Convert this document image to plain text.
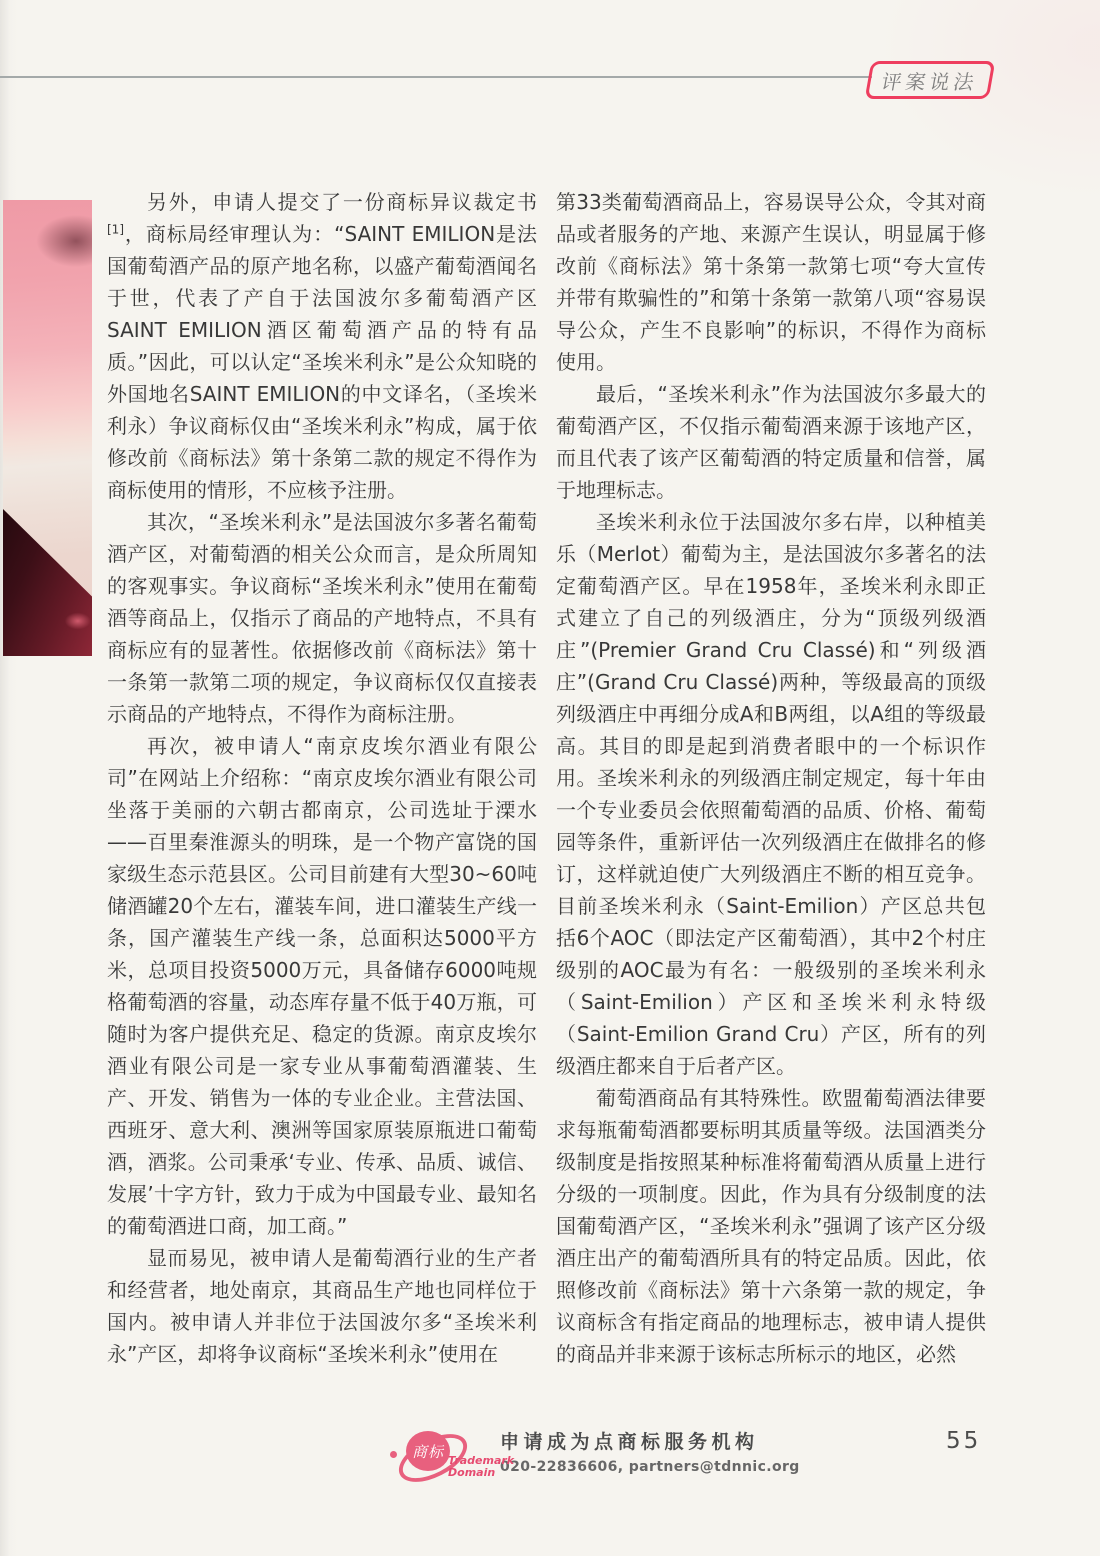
评案说法

另外，申请人提交了一份商标异议裁定书[1]，商标局经审理认为：“SAINT EMILION是法国葡萄酒产品的原产地名称，以盛产葡萄酒闻名于世，代表了产自于法国波尔多葡萄酒产区SAINT EMILION酒区葡萄酒产品的特有品质。”因此，可以认定“圣埃米利永”是公众知晓的外国地名SAINT EMILION的中文译名，（圣埃米利永）争议商标仅由“圣埃米利永”构成，属于依修改前《商标法》第十条第二款的规定不得作为商标使用的情形，不应核予注册。

其次，“圣埃米利永”是法国波尔多著名葡萄酒产区，对葡萄酒的相关公众而言，是众所周知的客观事实。争议商标“圣埃米利永”使用在葡萄酒等商品上，仅指示了商品的产地特点，不具有商标应有的显著性。依据修改前《商标法》第十一条第一款第二项的规定，争议商标仅仅直接表示商品的产地特点，不得作为商标注册。

再次，被申请人“南京皮埃尔酒业有限公司”在网站上介绍称：“南京皮埃尔酒业有限公司坐落于美丽的六朝古都南京，公司选址于溧水——百里秦淮源头的明珠，是一个物产富饶的国家级生态示范县区。公司目前建有大型30~60吨储酒罐20个左右，灌装车间，进口灌装生产线一条，国产灌装生产线一条，总面积达5000平方米，总项目投资5000万元，具备储存6000吨规格葡萄酒的容量，动态库存量不低于40万瓶，可随时为客户提供充足、稳定的货源。南京皮埃尔酒业有限公司是一家专业从事葡萄酒灌装、生产、开发、销售为一体的专业企业。主营法国、西班牙、意大利、澳洲等国家原装原瓶进口葡萄酒，酒浆。公司秉承‘专业、传承、品质、诚信、发展’十字方针，致力于成为中国最专业、最知名的葡萄酒进口商，加工商。”

显而易见，被申请人是葡萄酒行业的生产者和经营者，地处南京，其商品生产地也同样位于国内。被申请人并非位于法国波尔多“圣埃米利永”产区，却将争议商标“圣埃米利永”使用在

第33类葡萄酒商品上，容易误导公众，令其对商品或者服务的产地、来源产生误认，明显属于修改前《商标法》第十条第一款第七项“夸大宣传并带有欺骗性的”和第十条第一款第八项“容易误导公众，产生不良影响”的标识，不得作为商标使用。

最后，“圣埃米利永”作为法国波尔多最大的葡萄酒产区，不仅指示葡萄酒来源于该地产区，而且代表了该产区葡萄酒的特定质量和信誉，属于地理标志。

圣埃米利永位于法国波尔多右岸，以种植美乐（Merlot）葡萄为主，是法国波尔多著名的法定葡萄酒产区。早在1958年，圣埃米利永即正式建立了自己的列级酒庄，分为“顶级列级酒庄”(Premier Grand Cru Classé)和“列级酒庄”(Grand Cru Classé)两种，等级最高的顶级列级酒庄中再细分成A和B两组，以A组的等级最高。其目的即是起到消费者眼中的一个标识作用。圣埃米利永的列级酒庄制定规定，每十年由一个专业委员会依照葡萄酒的品质、价格、葡萄园等条件，重新评估一次列级酒庄在做排名的修订，这样就迫使广大列级酒庄不断的相互竞争。目前圣埃米利永（Saint-Emilion）产区总共包括6个AOC（即法定产区葡萄酒），其中2个村庄级别的AOC最为有名：一般级别的圣埃米利永（Saint-Emilion）产区和圣埃米利永特级（Saint-Emilion Grand Cru）产区，所有的列级酒庄都来自于后者产区。

葡萄酒商品有其特殊性。欧盟葡萄酒法律要求每瓶葡萄酒都要标明其质量等级。法国酒类分级制度是指按照某种标准将葡萄酒从质量上进行分级的一项制度。因此，作为具有分级制度的法国葡萄酒产区，“圣埃米利永”强调了该产区分级酒庄出产的葡萄酒所具有的特定品质。因此，依照修改前《商标法》第十六条第一款的规定，争议商标含有指定商品的地理标志，被申请人提供的商品并非来源于该标志所标示的地区，必然

商标 Trademark
Domain
申请成为点商标服务机构
020-22836606, partners@tdnnic.org
55
